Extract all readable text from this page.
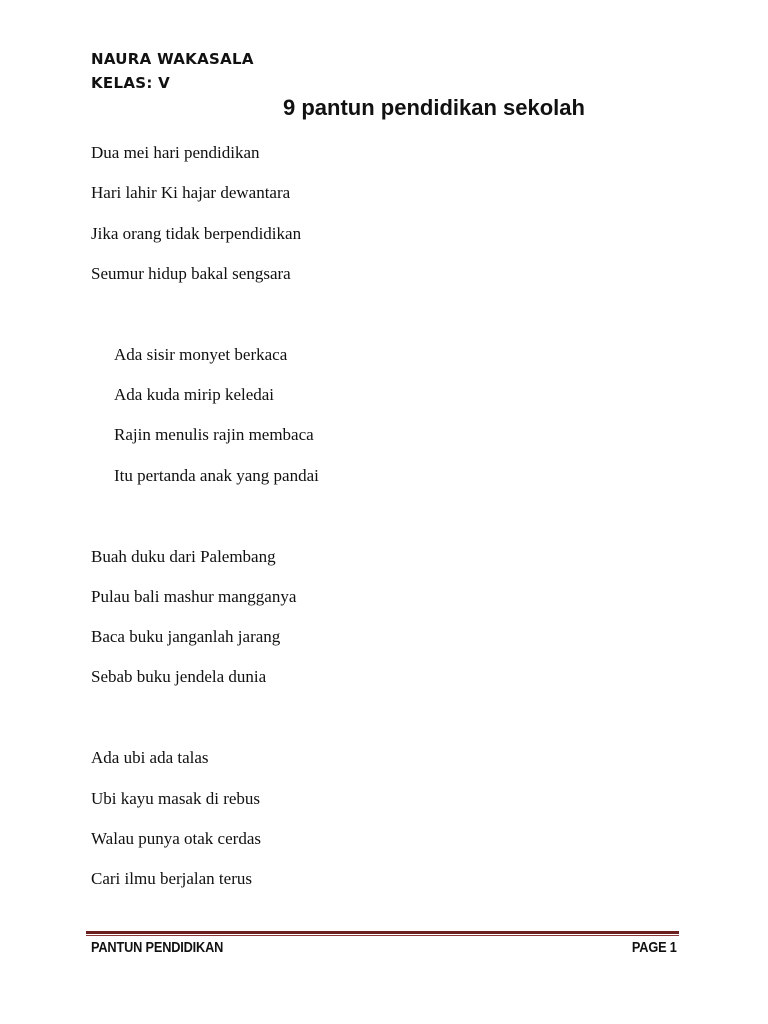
NAURA WAKASALA
KELAS: V
9 pantun pendidikan sekolah
Dua mei hari pendidikan
Hari lahir Ki hajar dewantara
Jika orang tidak berpendidikan
Seumur hidup bakal sengsara
Ada sisir monyet berkaca
Ada kuda mirip keledai
Rajin menulis rajin membaca
Itu pertanda anak yang pandai
Buah duku dari Palembang
Pulau bali mashur mangganya
Baca buku janganlah jarang
Sebab buku jendela dunia
Ada ubi ada talas
Ubi kayu masak di rebus
Walau punya otak cerdas
Cari ilmu berjalan terus
PANTUN PENDIDIKAN	PAGE 1
